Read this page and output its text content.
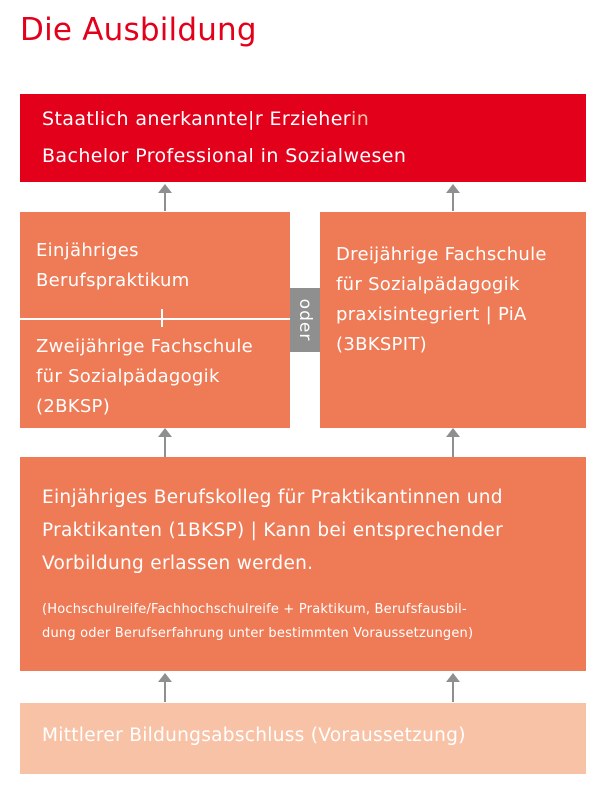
Die Ausbildung
Staatlich anerkannte|r Erzieherin
Bachelor Professional in Sozialwesen
Einjähriges
Berufspraktikum
Zweijährige Fachschule
für Sozialpädagogik
(2BKSP)
oder
Dreijährige Fachschule
für Sozialpädagogik
praxisintegriert | PiA
(3BKSPIT)
Einjähriges Berufskolleg für Praktikantinnen und
Praktikanten (1BKSP) | Kann bei entsprechender
Vorbildung erlassen werden.
(Hochschulreife/Fachhochschulreife + Praktikum, Berufsfausbil-
dung oder Berufserfahrung unter bestimmten Voraussetzungen)
Mittlerer Bildungsabschluss (Voraussetzung)
